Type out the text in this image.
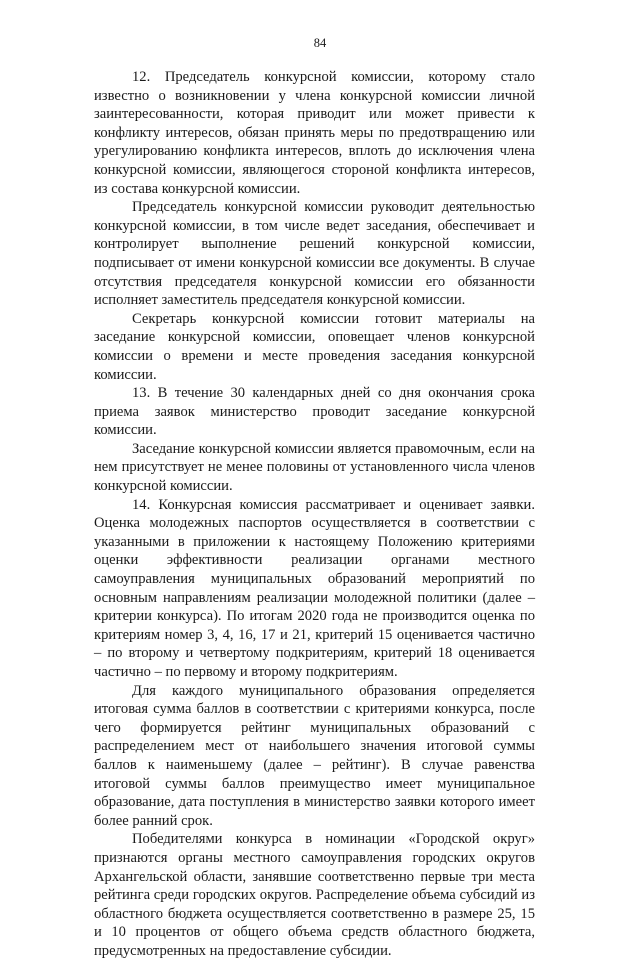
84

12. Председатель конкурсной комиссии, которому стало известно о возникновении у члена конкурсной комиссии личной заинтересованности, которая приводит или может привести к конфликту интересов, обязан принять меры по предотвращению или урегулированию конфликта интересов, вплоть до исключения члена конкурсной комиссии, являющегося стороной конфликта интересов, из состава конкурсной комиссии.

Председатель конкурсной комиссии руководит деятельностью конкурсной комиссии, в том числе ведет заседания, обеспечивает и контролирует выполнение решений конкурсной комиссии, подписывает от имени конкурсной комиссии все документы. В случае отсутствия председателя конкурсной комиссии его обязанности исполняет заместитель председателя конкурсной комиссии.

Секретарь конкурсной комиссии готовит материалы на заседание конкурсной комиссии, оповещает членов конкурсной комиссии о времени и месте проведения заседания конкурсной комиссии.

13. В течение 30 календарных дней со дня окончания срока приема заявок министерство проводит заседание конкурсной комиссии.

Заседание конкурсной комиссии является правомочным, если на нем присутствует не менее половины от установленного числа членов конкурсной комиссии.

14. Конкурсная комиссия рассматривает и оценивает заявки. Оценка молодежных паспортов осуществляется в соответствии с указанными в приложении к настоящему Положению критериями оценки эффективности реализации органами местного самоуправления муниципальных образований мероприятий по основным направлениям реализации молодежной политики (далее – критерии конкурса). По итогам 2020 года не производится оценка по критериям номер 3, 4, 16, 17 и 21, критерий 15 оценивается частично – по второму и четвертому подкритериям, критерий 18 оценивается частично – по первому и второму подкритериям.

Для каждого муниципального образования определяется итоговая сумма баллов в соответствии с критериями конкурса, после чего формируется рейтинг муниципальных образований с распределением мест от наибольшего значения итоговой суммы баллов к наименьшему (далее – рейтинг). В случае равенства итоговой суммы баллов преимущество имеет муниципальное образование, дата поступления в министерство заявки которого имеет более ранний срок.

Победителями конкурса в номинации «Городской округ» признаются органы местного самоуправления городских округов Архангельской области, занявшие соответственно первые три места рейтинга среди городских округов. Распределение объема субсидий из областного бюджета осуществляется соответственно в размере 25, 15 и 10 процентов от общего объема средств областного бюджета, предусмотренных на предоставление субсидии.
